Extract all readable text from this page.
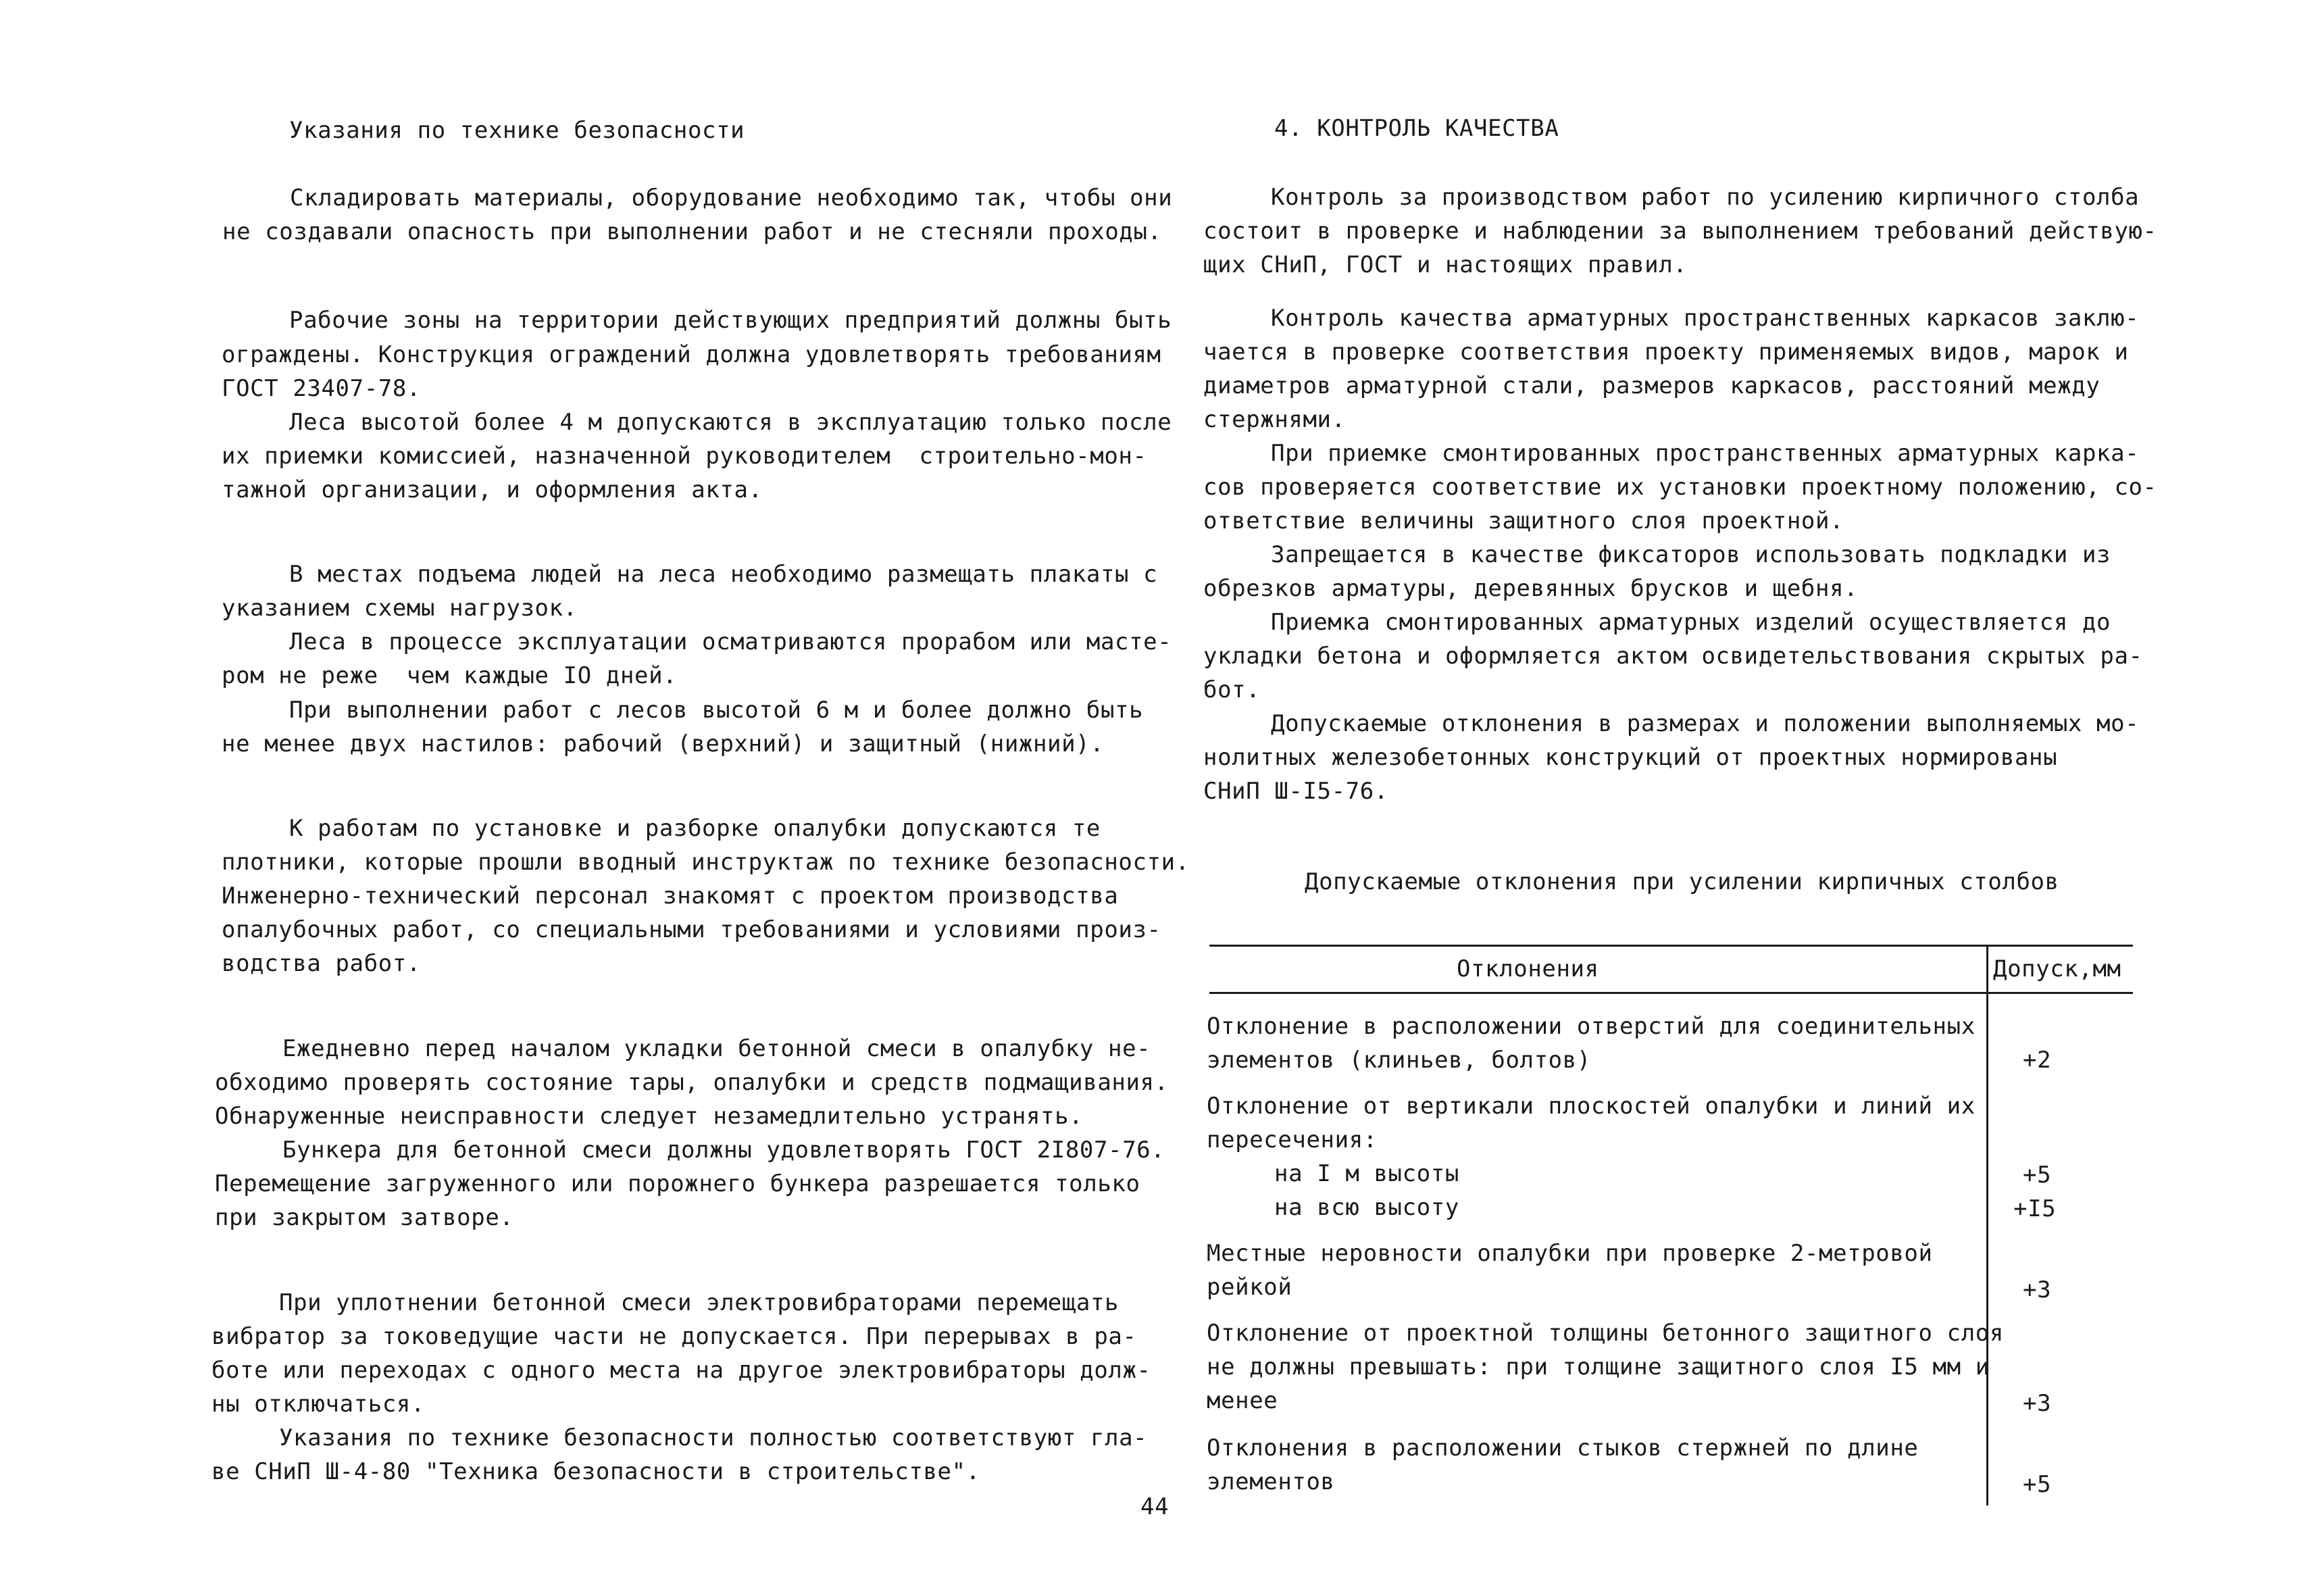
Указания по технике безопасности
Складировать материалы, оборудование необходимо так, чтобы они
не создавали опасность при выполнении работ и не стесняли проходы.
Рабочие зоны на территории действующих предприятий должны быть
ограждены. Конструкция ограждений должна удовлетворять требованиям
ГОСТ 23407-78.
Леса высотой более 4 м допускаются в эксплуатацию только после
их приемки комиссией, назначенной руководителем  строительно-мон-
тажной организации, и оформления акта.
В местах подъема людей на леса необходимо размещать плакаты с
указанием схемы нагрузок.
Леса в процессе эксплуатации осматриваются прорабом или масте-
ром не реже  чем каждые IO дней.
При выполнении работ с лесов высотой 6 м и более должно быть
не менее двух настилов: рабочий (верхний) и защитный (нижний).
К работам по установке и разборке опалубки допускаются те
плотники, которые прошли вводный инструктаж по технике безопасности.
Инженерно-технический персонал знакомят с проектом производства
опалубочных работ, со специальными требованиями и условиями произ-
водства работ.
Ежедневно перед началом укладки бетонной смеси в опалубку не-
обходимо проверять состояние тары, опалубки и средств подмащивания.
Обнаруженные неисправности следует незамедлительно устранять.
Бункера для бетонной смеси должны удовлетворять ГОСТ 2I807-76.
Перемещение загруженного или порожнего бункера разрешается только
при закрытом затворе.
При уплотнении бетонной смеси электровибраторами перемещать
вибратор за токоведущие части не допускается. При перерывах в ра-
боте или переходах с одного места на другое электровибраторы долж-
ны отключаться.
Указания по технике безопасности полностью соответствуют гла-
ве СНиП Ш-4-80 "Техника безопасности в строительстве".
44
4. КОНТРОЛЬ КАЧЕСТВА
Контроль за производством работ по усилению кирпичного столба
состоит в проверке и наблюдении за выполнением требований действую-
щих СНиП, ГОСТ и настоящих правил.
Контроль качества арматурных пространственных каркасов заклю-
чается в проверке соответствия проекту применяемых видов, марок и
диаметров арматурной стали, размеров каркасов, расстояний между
стержнями.
При приемке смонтированных пространственных арматурных карка-
сов проверяется соответствие их установки проектному положению, со-
ответствие величины защитного слоя проектной.
Запрещается в качестве фиксаторов использовать подкладки из
обрезков арматуры, деревянных брусков и щебня.
Приемка смонтированных арматурных изделий осуществляется до
укладки бетона и оформляется актом освидетельствования скрытых ра-
бот.
Допускаемые отклонения в размерах и положении выполняемых мо-
нолитных железобетонных конструкций от проектных нормированы
СНиП Ш-I5-76.
Допускаемые отклонения при усилении кирпичных столбов
Отклонения	Допуск,мм
Отклонение в расположении отверстий для соединительных
элементов (клиньев, болтов)	+2
Отклонение от вертикали плоскостей опалубки и линий их
пересечения:
на I м высоты	+5
на всю высоту	+I5
Местные неровности опалубки при проверке 2-метровой
рейкой	+3
Отклонение от проектной толщины бетонного защитного слоя
не должны превышать: при толщине защитного слоя I5 мм и
менее	+3
Отклонения в расположении стыков стержней по длине
элементов	+5
